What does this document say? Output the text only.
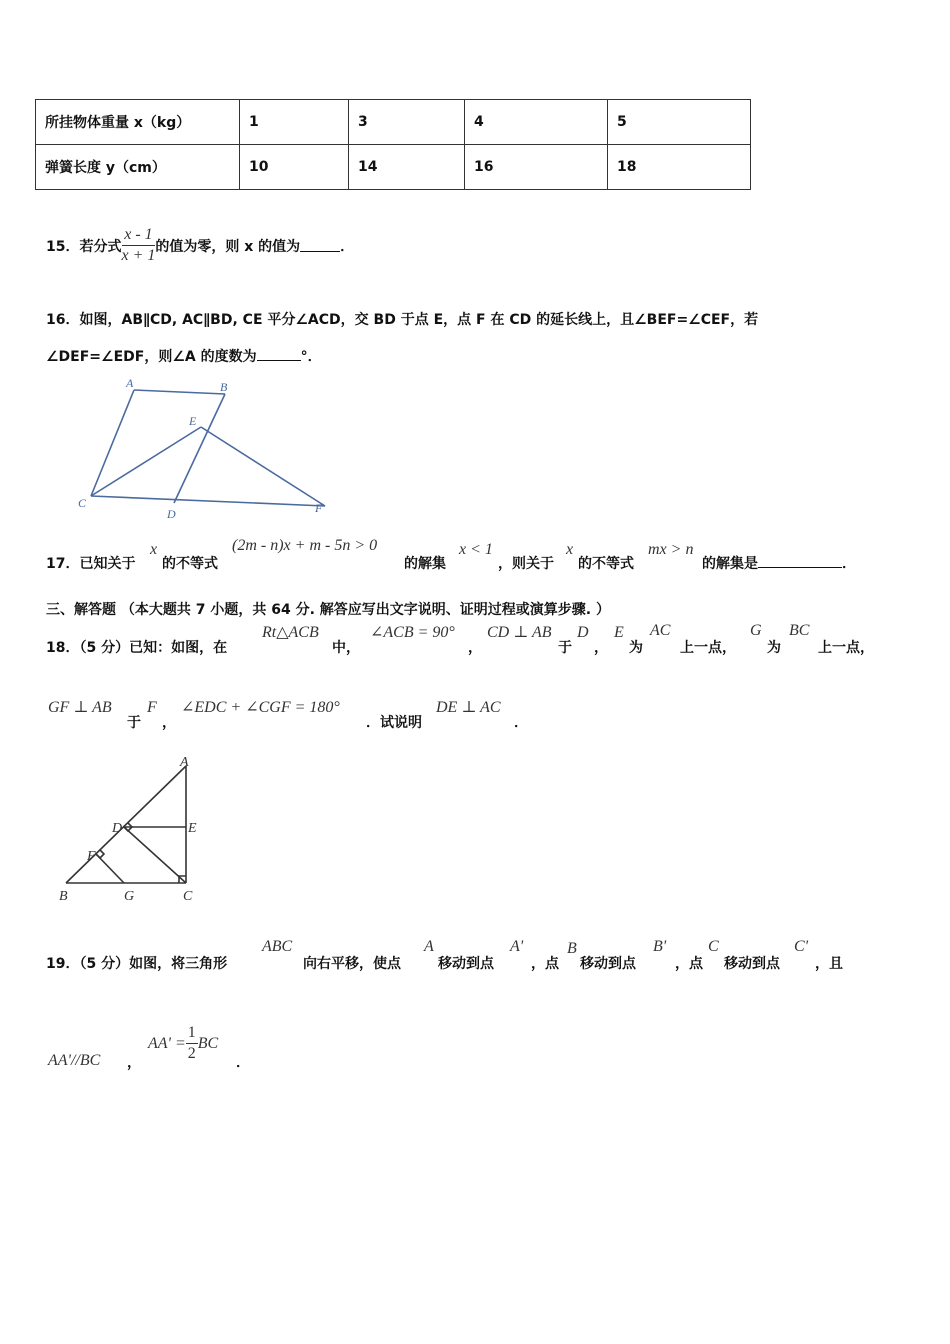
所挂物体重量 x（kg）	1	3	4	5
弹簧长度 y（cm）	10	14	16	18
15．若分式 $\frac{x - 1}{x + 1}$ 的值为零，则 x 的值为	．
16．如图，AB∥CD, AC∥BD, CE 平分∠ACD，交 BD 于点 E，点 F 在 CD 的延长线上，且∠BEF=∠CEF，若
∠DEF=∠EDF，则∠A 的度数为	°．
A	B
E
C
D	F
17．已知关于
x
的不等式
(2m - n)x + m - 5n > 0
的解集
x < 1
，则关于
x
的不等式
mx > n
的解集是	．
三、解答题 （本大题共 7 小题，共 64 分. 解答应写出文字说明、证明过程或演算步骤. ）
18．（5 分）已知：如图，在
Rt△ACB
中，
∠ACB = 90°
，
CD ⊥ AB
于
D
，
E
为
AC
上一点，
G
为
BC
上一点，
GF ⊥ AB
于
F
，
∠EDC + ∠CGF = 180°
．试说明
DE ⊥ AC
．
A
D	E
F
B	G	C
19．（5 分）如图，将三角形
ABC
向右平移，使点
A
移动到点
A'
，点
B
移动到点
B'
，点
C
移动到点
C'
，且
AA'//BC ，
$AA' = \frac{1}{2}$ BC
．
